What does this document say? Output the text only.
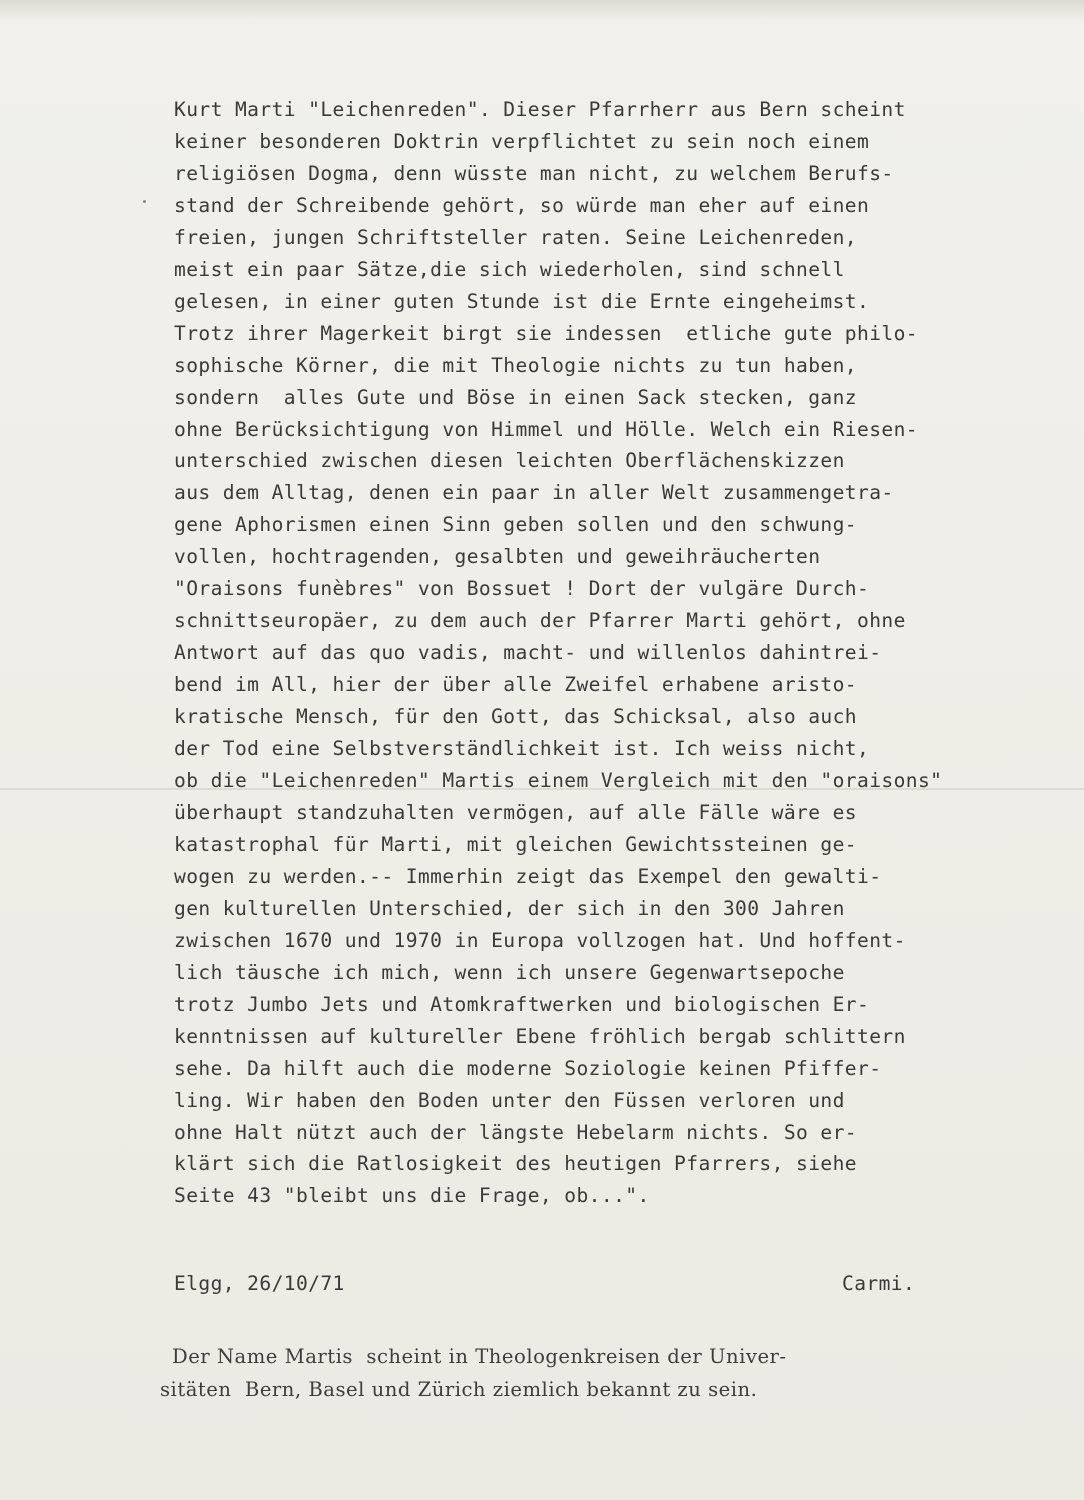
Kurt Marti "Leichenreden". Dieser Pfarrherr aus Bern scheint
keiner besonderen Doktrin verpflichtet zu sein noch einem
religiösen Dogma, denn wüsste man nicht, zu welchem Berufs-
stand der Schreibende gehört, so würde man eher auf einen
freien, jungen Schriftsteller raten. Seine Leichenreden,
meist ein paar Sätze,die sich wiederholen, sind schnell
gelesen, in einer guten Stunde ist die Ernte eingeheimst.
Trotz ihrer Magerkeit birgt sie indessen  etliche gute philo-
sophische Körner, die mit Theologie nichts zu tun haben,
sondern  alles Gute und Böse in einen Sack stecken, ganz
ohne Berücksichtigung von Himmel und Hölle. Welch ein Riesen-
unterschied zwischen diesen leichten Oberflächenskizzen
aus dem Alltag, denen ein paar in aller Welt zusammengetra-
gene Aphorismen einen Sinn geben sollen und den schwung-
vollen, hochtragenden, gesalbten und geweihräucherten
"Oraisons funèbres" von Bossuet ! Dort der vulgäre Durch-
schnittseuropäer, zu dem auch der Pfarrer Marti gehört, ohne
Antwort auf das quo vadis, macht- und willenlos dahintrei-
bend im All, hier der über alle Zweifel erhabene aristo-
kratische Mensch, für den Gott, das Schicksal, also auch
der Tod eine Selbstverständlichkeit ist. Ich weiss nicht,
ob die "Leichenreden" Martis einem Vergleich mit den "oraisons"
überhaupt standzuhalten vermögen, auf alle Fälle wäre es
katastrophal für Marti, mit gleichen Gewichtssteinen ge-
wogen zu werden.-- Immerhin zeigt das Exempel den gewalti-
gen kulturellen Unterschied, der sich in den 300 Jahren
zwischen 1670 und 1970 in Europa vollzogen hat. Und hoffent-
lich täusche ich mich, wenn ich unsere Gegenwartsepoche
trotz Jumbo Jets und Atomkraftwerken und biologischen Er-
kenntnissen auf kultureller Ebene fröhlich bergab schlittern
sehe. Da hilft auch die moderne Soziologie keinen Pfiffer-
ling. Wir haben den Boden unter den Füssen verloren und
ohne Halt nützt auch der längste Hebelarm nichts. So er-
klärt sich die Ratlosigkeit des heutigen Pfarrers, siehe
Seite 43 "bleibt uns die Frage, ob...".
Elgg, 26/10/71	Carmi.
Der Name Martis  scheint in Theologenkreisen der Univer-
sitäten  Bern, Basel und Zürich ziemlich bekannt zu sein.
